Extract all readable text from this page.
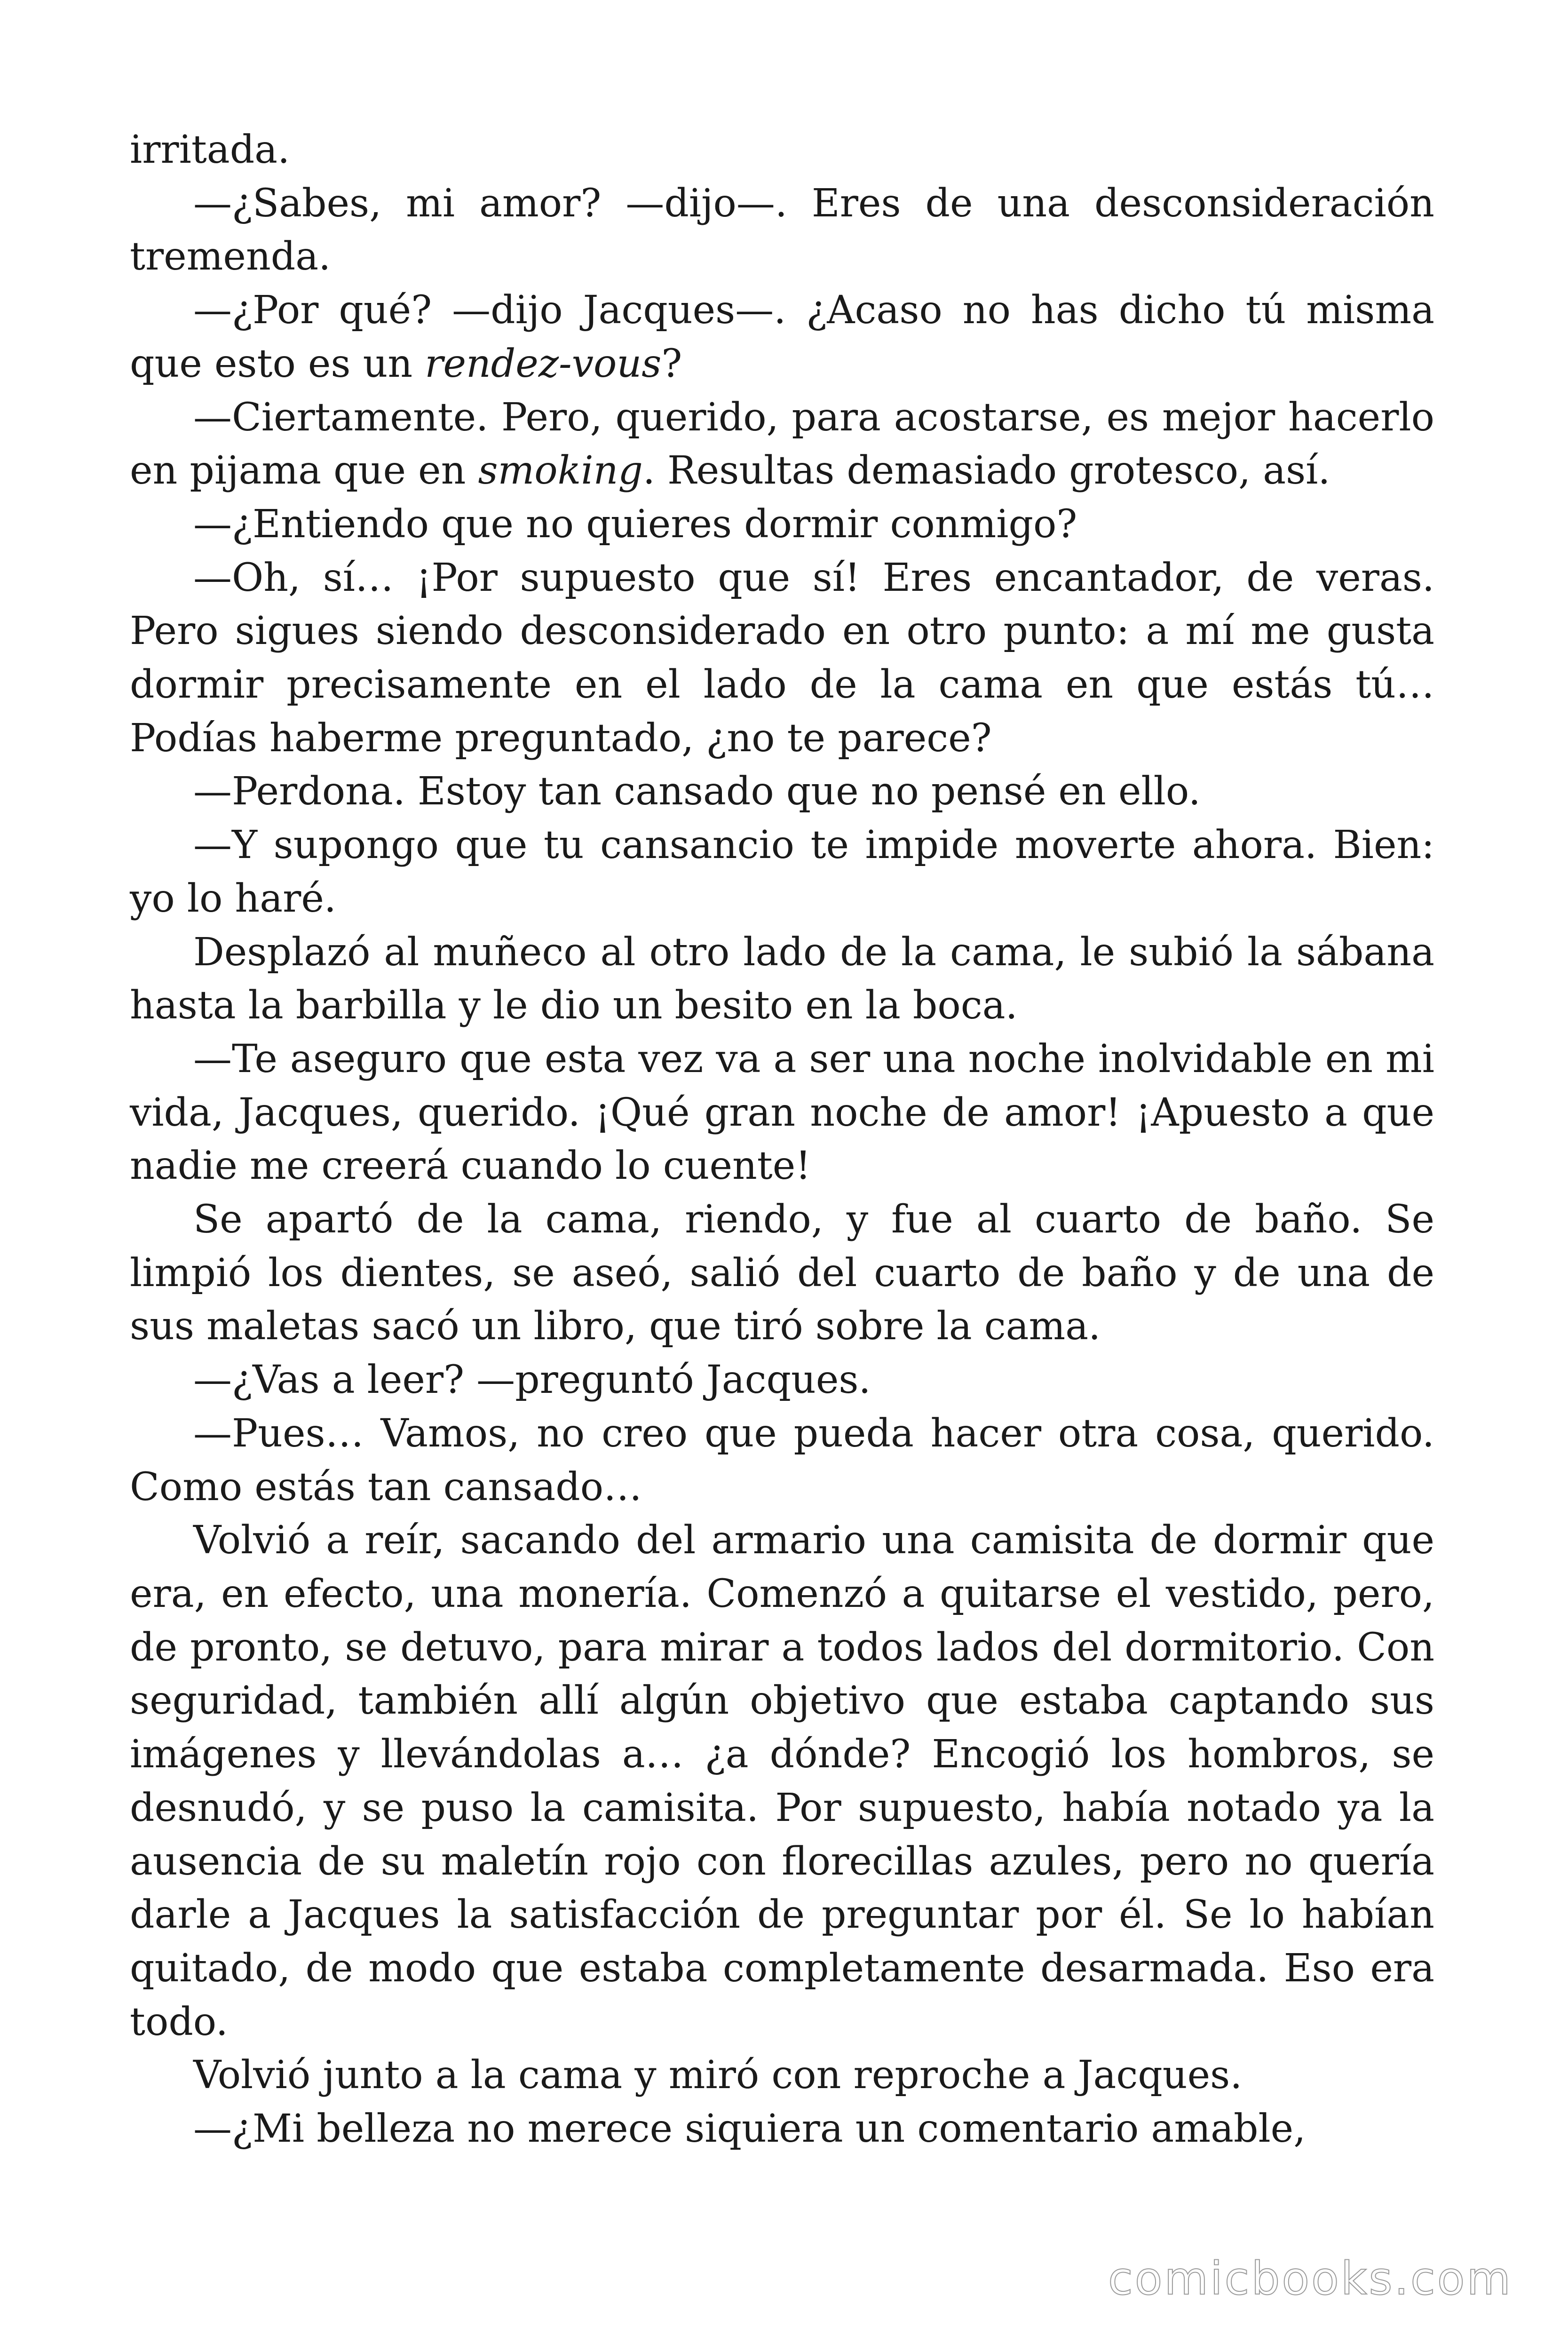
irritada.

—¿Sabes, mi amor? —dijo—. Eres de una desconsideración tremenda.

—¿Por qué? —dijo Jacques—. ¿Acaso no has dicho tú misma que esto es un rendez-vous?

—Ciertamente. Pero, querido, para acostarse, es mejor hacerlo en pijama que en smoking. Resultas demasiado grotesco, así.

—¿Entiendo que no quieres dormir conmigo?

—Oh, sí… ¡Por supuesto que sí! Eres encantador, de veras. Pero sigues siendo desconsiderado en otro punto: a mí me gusta dormir precisamente en el lado de la cama en que estás tú… Podías haberme preguntado, ¿no te parece?

—Perdona. Estoy tan cansado que no pensé en ello.

—Y supongo que tu cansancio te impide moverte ahora. Bien: yo lo haré.

Desplazó al muñeco al otro lado de la cama, le subió la sábana hasta la barbilla y le dio un besito en la boca.

—Te aseguro que esta vez va a ser una noche inolvidable en mi vida, Jacques, querido. ¡Qué gran noche de amor! ¡Apuesto a que nadie me creerá cuando lo cuente!

Se apartó de la cama, riendo, y fue al cuarto de baño. Se limpió los dientes, se aseó, salió del cuarto de baño y de una de sus maletas sacó un libro, que tiró sobre la cama.

—¿Vas a leer? —preguntó Jacques.

—Pues… Vamos, no creo que pueda hacer otra cosa, querido. Como estás tan cansado…

Volvió a reír, sacando del armario una camisita de dormir que era, en efecto, una monería. Comenzó a quitarse el vestido, pero, de pronto, se detuvo, para mirar a todos lados del dormitorio. Con seguridad, también allí algún objetivo que estaba captando sus imágenes y llevándolas a… ¿a dónde? Encogió los hombros, se desnudó, y se puso la camisita. Por supuesto, había notado ya la ausencia de su maletín rojo con florecillas azules, pero no quería darle a Jacques la satisfacción de preguntar por él. Se lo habían quitado, de modo que estaba completamente desarmada. Eso era todo.

Volvió junto a la cama y miró con reproche a Jacques.

—¿Mi belleza no merece siquiera un comentario amable,

comicbooks.com
